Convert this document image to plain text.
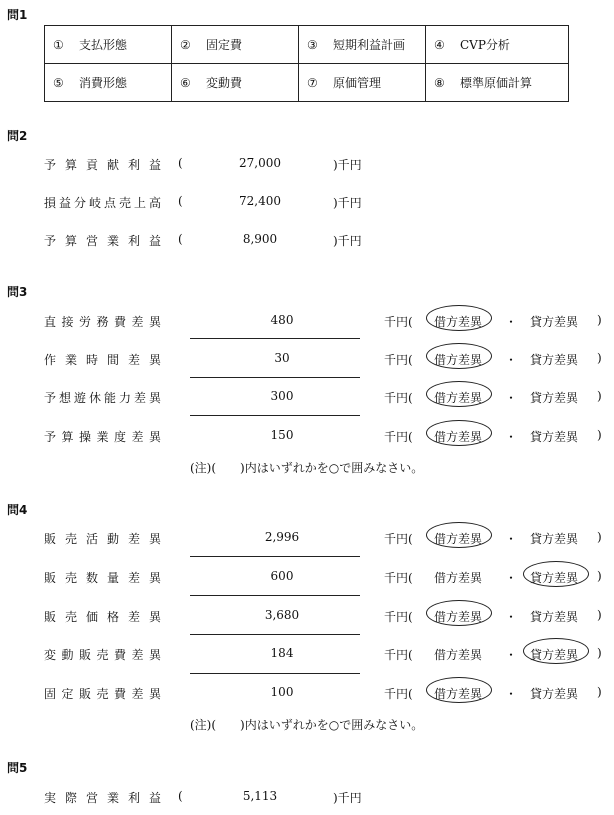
問1
① 支払形態	② 固定費	③ 短期利益計画	④ CVP分析
⑤ 消費形態	⑥ 変動費	⑦ 原価管理	⑧ 標準原価計算
問2
予算貢献利益 (	27,000	)千円
損益分岐点売上高 (	72,400	)千円
予算営業利益 (	8,900	)千円
問3
直接労務費差異	480	千円( 借方差異 ・ 貸方差異 )
作業時間差異	30	千円( 借方差異 ・ 貸方差異 )
予想遊休能力差異	300	千円( 借方差異 ・ 貸方差異 )
予算操業度差異	150	千円( 借方差異 ・ 貸方差異 )
(注)(　　)内はいずれかを○で囲みなさい。
問4
販売活動差異	2,996	千円( 借方差異 ・ 貸方差異 )
販売数量差異	600	千円( 借方差異 ・ 貸方差異 )
販売価格差異	3,680	千円( 借方差異 ・ 貸方差異 )
変動販売費差異	184	千円( 借方差異 ・ 貸方差異 )
固定販売費差異	100	千円( 借方差異 ・ 貸方差異 )
(注)(　　)内はいずれかを○で囲みなさい。
問5
実際営業利益 (	5,113	)千円
